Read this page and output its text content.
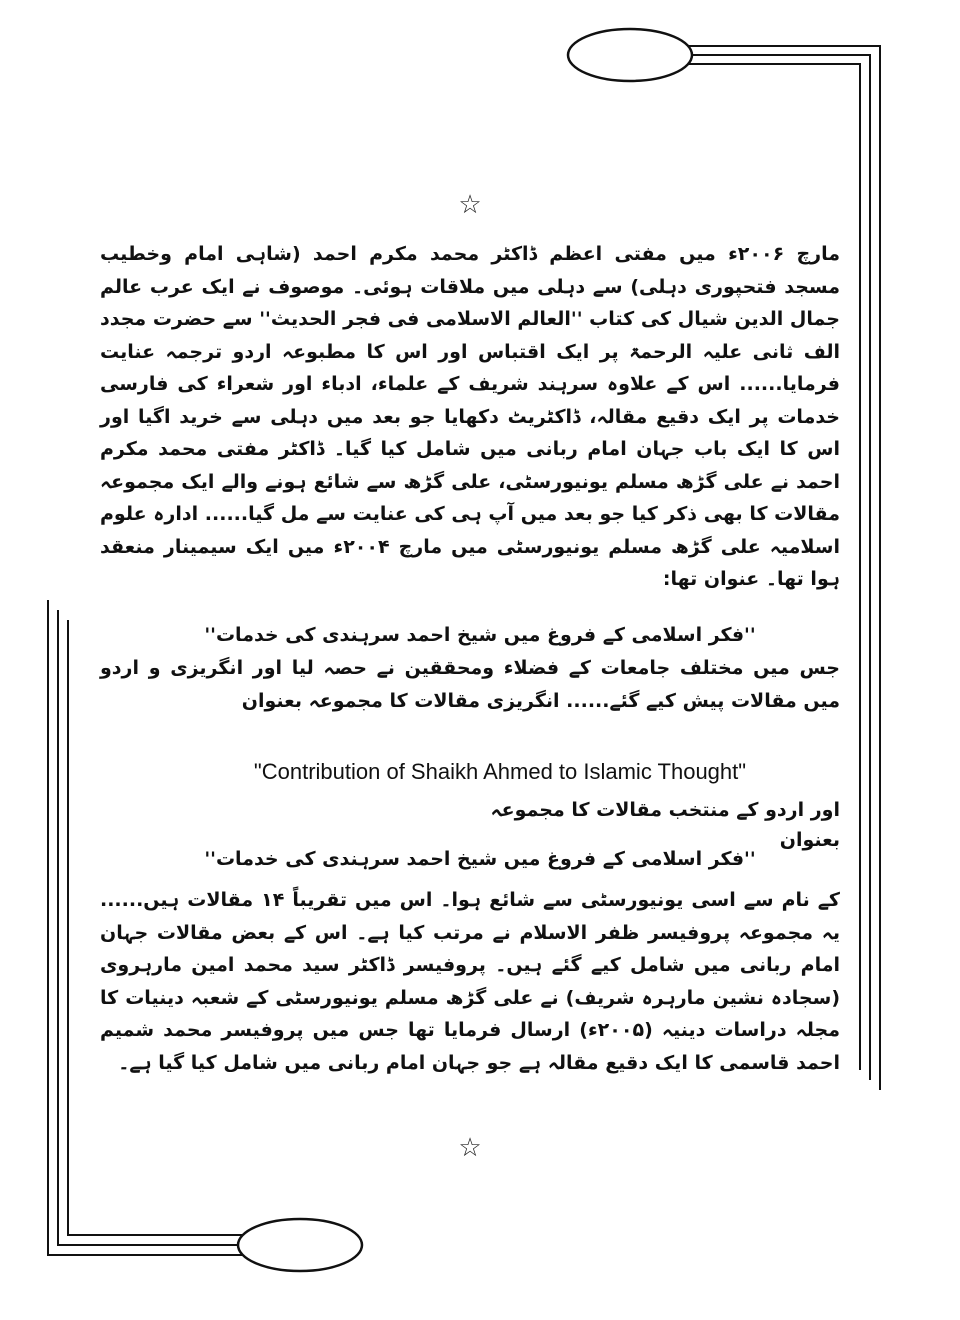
☆

مارچ ۲۰۰۶ء میں مفتی اعظم ڈاکٹر محمد مکرم احمد (شاہی امام وخطیب مسجد فتحپوری دہلی) سے دہلی میں ملاقات ہوئی۔ موصوف نے ایک عرب عالم جمال الدین شیال کی کتاب ''العالم الاسلامی فی فجر الحدیث'' سے حضرت مجدد الف ثانی علیہ الرحمۃ پر ایک اقتباس اور اس کا مطبوعہ اردو ترجمہ عنایت فرمایا...... اس کے علاوہ سرہند شریف کے علماء، ادباء اور شعراء کی فارسی خدمات پر ایک دقیع مقالہ، ڈاکٹریٹ دکھایا جو بعد میں دہلی سے خرید اگیا اور اس کا ایک باب جہان امام ربانی میں شامل کیا گیا۔ ڈاکٹر مفتی محمد مکرم احمد نے علی گڑھ مسلم یونیورسٹی، علی گڑھ سے شائع ہونے والے ایک مجموعہ مقالات کا بھی ذکر کیا جو بعد میں آپ ہی کی عنایت سے مل گیا...... ادارہ علوم اسلامیہ علی گڑھ مسلم یونیورسٹی میں مارچ ۲۰۰۴ء میں ایک سیمینار منعقد ہوا تھا۔ عنوان تھا:

''فکر اسلامی کے فروغ میں شیخ احمد سرہندی کی خدمات''

جس میں مختلف جامعات کے فضلاء ومحققین نے حصہ لیا اور انگریزی و اردو میں مقالات پیش کیے گئے...... انگریزی مقالات کا مجموعہ بعنوان

"Contribution of Shaikh Ahmed to Islamic Thought"
اور اردو کے منتخب مقالات کا مجموعہ بعنوان
''فکر اسلامی کے فروغ میں شیخ احمد سرہندی کی خدمات''

کے نام سے اسی یونیورسٹی سے شائع ہوا۔ اس میں تقریباً ۱۴ مقالات ہیں...... یہ مجموعہ پروفیسر ظفر الاسلام نے مرتب کیا ہے۔ اس کے بعض مقالات جہان امام ربانی میں شامل کیے گئے ہیں۔ پروفیسر ڈاکٹر سید محمد امین مارہروی (سجادہ نشین مارہرہ شریف) نے علی گڑھ مسلم یونیورسٹی کے شعبہ دینیات کا مجلہ دراسات دینیہ (۲۰۰۵ء) ارسال فرمایا تھا جس میں پروفیسر محمد شمیم احمد قاسمی کا ایک دقیع مقالہ ہے جو جہان امام ربانی میں شامل کیا گیا ہے۔

☆
